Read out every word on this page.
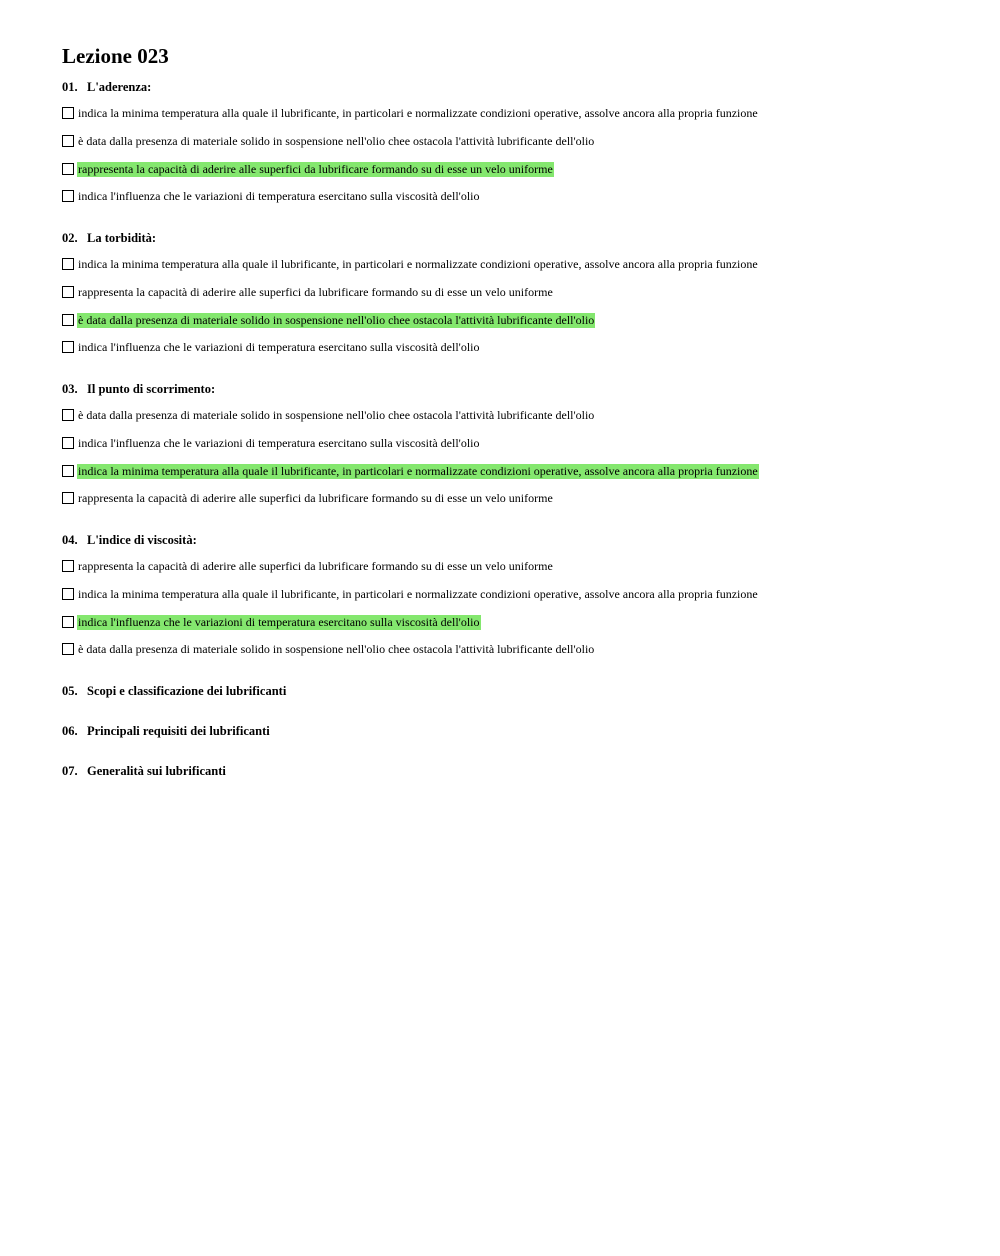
Lezione 023
01. L'aderenza:
indica la minima temperatura alla quale il lubrificante, in particolari e normalizzate condizioni operative, assolve ancora alla propria funzione
è data dalla presenza di materiale solido in sospensione nell'olio chee ostacola l'attività lubrificante dell'olio
rappresenta la capacità di aderire alle superfici da lubrificare formando su di esse un velo uniforme
indica l'influenza che le variazioni di temperatura esercitano sulla viscosità dell'olio
02. La torbidità:
indica la minima temperatura alla quale il lubrificante, in particolari e normalizzate condizioni operative, assolve ancora alla propria funzione
rappresenta la capacità di aderire alle superfici da lubrificare formando su di esse un velo uniforme
è data dalla presenza di materiale solido in sospensione nell'olio chee ostacola l'attività lubrificante dell'olio
indica l'influenza che le variazioni di temperatura esercitano sulla viscosità dell'olio
03. Il punto di scorrimento:
è data dalla presenza di materiale solido in sospensione nell'olio chee ostacola l'attività lubrificante dell'olio
indica l'influenza che le variazioni di temperatura esercitano sulla viscosità dell'olio
indica la minima temperatura alla quale il lubrificante, in particolari e normalizzate condizioni operative, assolve ancora alla propria funzione
rappresenta la capacità di aderire alle superfici da lubrificare formando su di esse un velo uniforme
04. L'indice di viscosità:
rappresenta la capacità di aderire alle superfici da lubrificare formando su di esse un velo uniforme
indica la minima temperatura alla quale il lubrificante, in particolari e normalizzate condizioni operative, assolve ancora alla propria funzione
indica l'influenza che le variazioni di temperatura esercitano sulla viscosità dell'olio
è data dalla presenza di materiale solido in sospensione nell'olio chee ostacola l'attività lubrificante dell'olio
05. Scopi e classificazione dei lubrificanti
06. Principali requisiti dei lubrificanti
07. Generalità sui lubrificanti
